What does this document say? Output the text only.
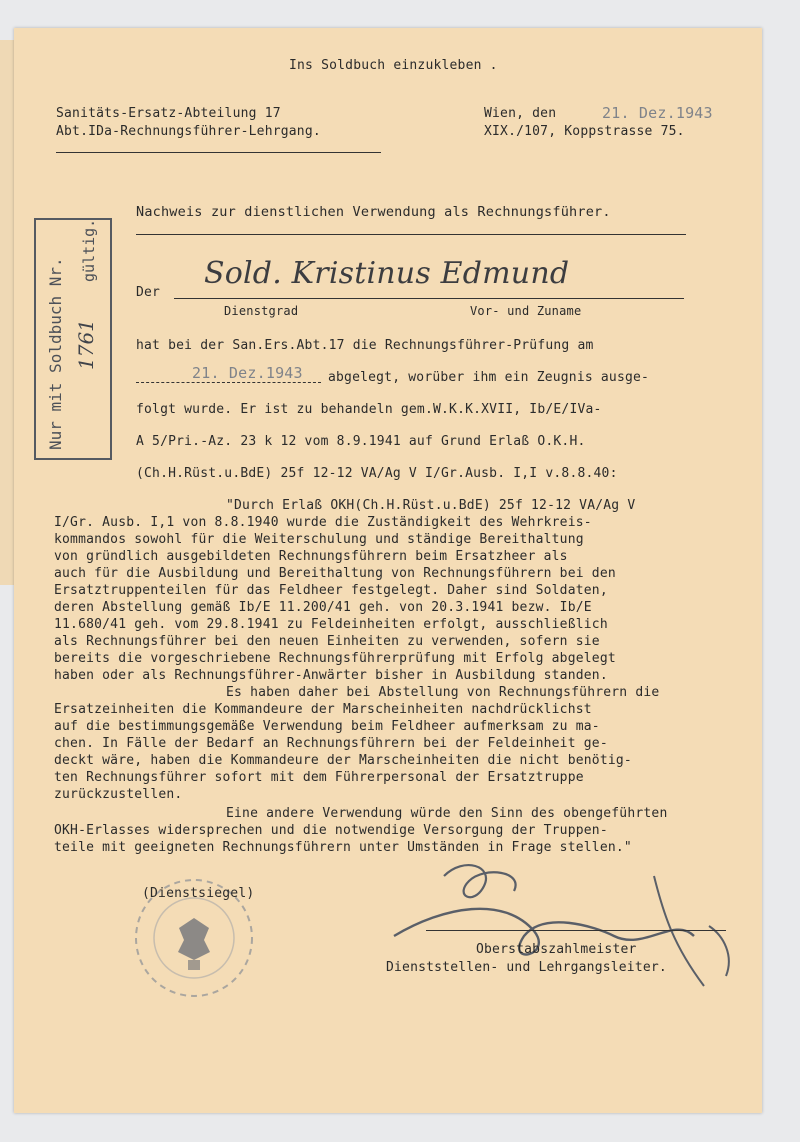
Ins Soldbuch einzukleben .
Sanitäts-Ersatz-Abteilung 17
Abt.IDa-Rechnungsführer-Lehrgang.
Wien, den	21. Dez.1943
XIX./107, Koppstrasse 75.
Nur mit Soldbuch Nr. 1761
gültig.
Nachweis zur dienstlichen Verwendung als Rechnungsführer.
Der
Sold. Kristinus Edmund
Dienstgrad	Vor- und Zuname
hat bei der San.Ers.Abt.17 die Rechnungsführer-Prüfung am
21. Dez.1943 abgelegt, worüber ihm ein Zeugnis ausge-
folgt wurde. Er ist zu behandeln gem.W.K.K.XVII, Ib/E/IVa-
A 5/Pri.-Az. 23 k 12 vom 8.9.1941 auf Grund Erlaß O.K.H.
(Ch.H.Rüst.u.BdE) 25f 12-12 VA/Ag V I/Gr.Ausb. I,I v.8.8.40:
"Durch Erlaß OKH(Ch.H.Rüst.u.BdE) 25f 12-12 VA/Ag V
I/Gr. Ausb. I,1 von 8.8.1940 wurde die Zuständigkeit des Wehrkreis-
kommandos sowohl für die Weiterschulung und ständige Bereithaltung
von gründlich ausgebildeten Rechnungsführern beim Ersatzheer als
auch für die Ausbildung und Bereithaltung von Rechnungsführern bei den
Ersatztruppenteilen für das Feldheer festgelegt. Daher sind Soldaten,
deren Abstellung gemäß Ib/E 11.200/41 geh. von 20.3.1941 bezw. Ib/E
11.680/41 geh. vom 29.8.1941 zu Feldeinheiten erfolgt, ausschließlich
als Rechnungsführer bei den neuen Einheiten zu verwenden, sofern sie
bereits die vorgeschriebene Rechnungsführerprüfung mit Erfolg abgelegt
haben oder als Rechnungsführer-Anwärter bisher in Ausbildung standen.
Es haben daher bei Abstellung von Rechnungsführern die
Ersatzeinheiten die Kommandeure der Marscheinheiten nachdrücklichst
auf die bestimmungsgemäße Verwendung beim Feldheer aufmerksam zu ma-
chen. In Fälle der Bedarf an Rechnungsführern bei der Feldeinheit ge-
deckt wäre, haben die Kommandeure der Marscheinheiten die nicht benötig-
ten Rechnungsführer sofort mit dem Führerpersonal der Ersatztruppe
zurückzustellen.
Eine andere Verwendung würde den Sinn des obengeführten
OKH-Erlasses widersprechen und die notwendige Versorgung der Truppen-
teile mit geeigneten Rechnungsführern unter Umständen in Frage stellen."
(Dienstsiegel)
Oberstabszahlmeister
Dienststellen- und Lehrgangsleiter.
